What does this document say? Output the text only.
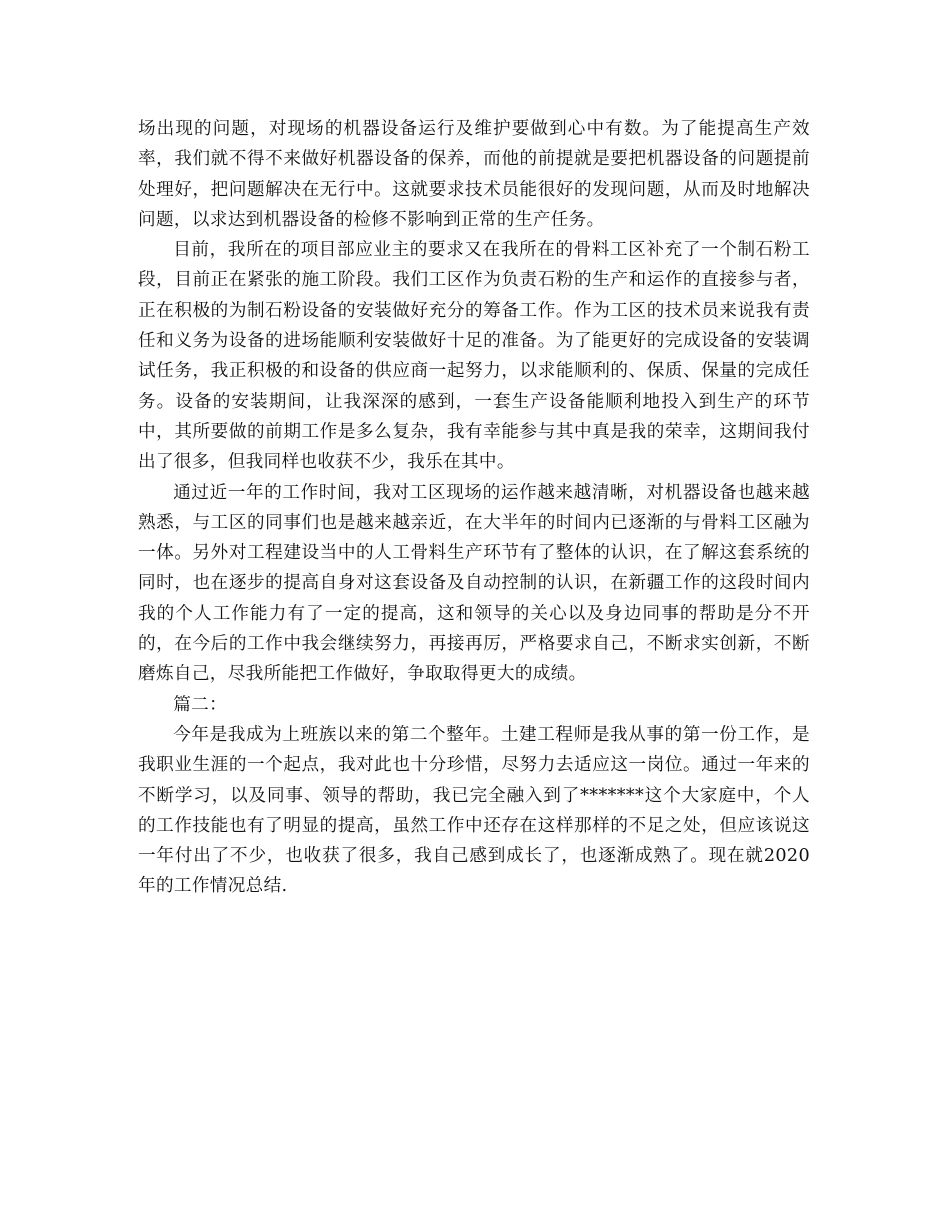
场出现的问题，对现场的机器设备运行及维护要做到心中有数。为了能提高生产效率，我们就不得不来做好机器设备的保养，而他的前提就是要把机器设备的问题提前处理好，把问题解决在无行中。这就要求技术员能很好的发现问题，从而及时地解决问题，以求达到机器设备的检修不影响到正常的生产任务。

目前，我所在的项目部应业主的要求又在我所在的骨料工区补充了一个制石粉工段，目前正在紧张的施工阶段。我们工区作为负责石粉的生产和运作的直接参与者，正在积极的为制石粉设备的安装做好充分的筹备工作。作为工区的技术员来说我有责任和义务为设备的进场能顺利安装做好十足的准备。为了能更好的完成设备的安装调试任务，我正积极的和设备的供应商一起努力，以求能顺利的、保质、保量的完成任务。设备的安装期间，让我深深的感到，一套生产设备能顺利地投入到生产的环节中，其所要做的前期工作是多么复杂，我有幸能参与其中真是我的荣幸，这期间我付出了很多，但我同样也收获不少，我乐在其中。

通过近一年的工作时间，我对工区现场的运作越来越清晰，对机器设备也越来越熟悉，与工区的同事们也是越来越亲近，在大半年的时间内已逐渐的与骨料工区融为一体。另外对工程建设当中的人工骨料生产环节有了整体的认识，在了解这套系统的同时，也在逐步的提高自身对这套设备及自动控制的认识，在新疆工作的这段时间内我的个人工作能力有了一定的提高，这和领导的关心以及身边同事的帮助是分不开的，在今后的工作中我会继续努力，再接再厉，严格要求自己，不断求实创新，不断磨炼自己，尽我所能把工作做好，争取取得更大的成绩。

篇二：

今年是我成为上班族以来的第二个整年。土建工程师是我从事的第一份工作，是我职业生涯的一个起点，我对此也十分珍惜，尽努力去适应这一岗位。通过一年来的不断学习，以及同事、领导的帮助，我已完全融入到了*******这个大家庭中，个人的工作技能也有了明显的提高，虽然工作中还存在这样那样的不足之处，但应该说这一年付出了不少，也收获了很多，我自己感到成长了，也逐渐成熟了。现在就2020年的工作情况总结.
